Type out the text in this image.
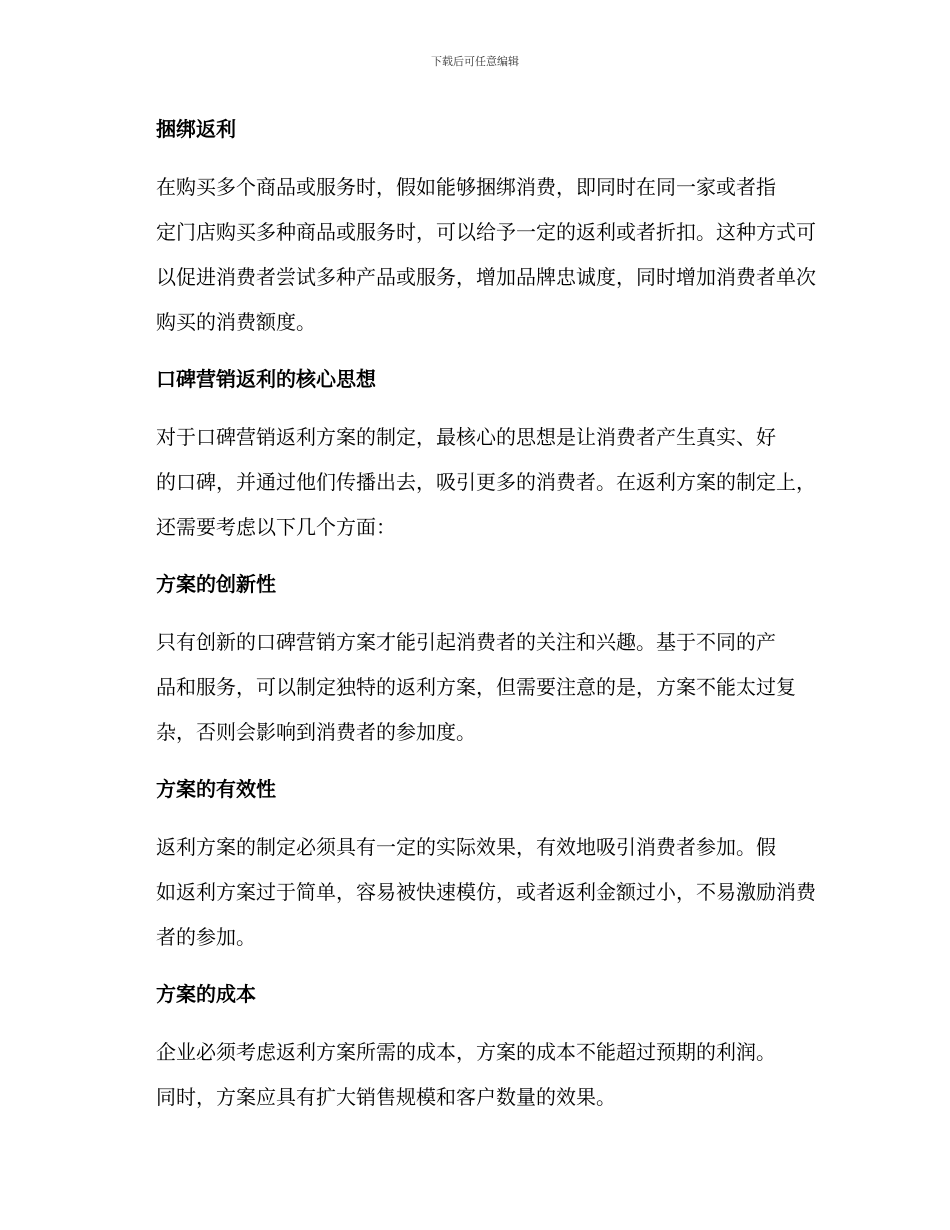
下载后可任意编辑
捆绑返利

在购买多个商品或服务时，假如能够捆绑消费，即同时在同一家或者指
定门店购买多种商品或服务时，可以给予一定的返利或者折扣。这种方式可
以促进消费者尝试多种产品或服务，增加品牌忠诚度，同时增加消费者单次
购买的消费额度。

口碑营销返利的核心思想

对于口碑营销返利方案的制定，最核心的思想是让消费者产生真实、好
的口碑，并通过他们传播出去，吸引更多的消费者。在返利方案的制定上，
还需要考虑以下几个方面：

方案的创新性

只有创新的口碑营销方案才能引起消费者的关注和兴趣。基于不同的产
品和服务，可以制定独特的返利方案，但需要注意的是，方案不能太过复
杂，否则会影响到消费者的参加度。

方案的有效性

返利方案的制定必须具有一定的实际效果，有效地吸引消费者参加。假
如返利方案过于简单，容易被快速模仿，或者返利金额过小，不易激励消费
者的参加。

方案的成本

企业必须考虑返利方案所需的成本，方案的成本不能超过预期的利润。
同时，方案应具有扩大销售规模和客户数量的效果。
